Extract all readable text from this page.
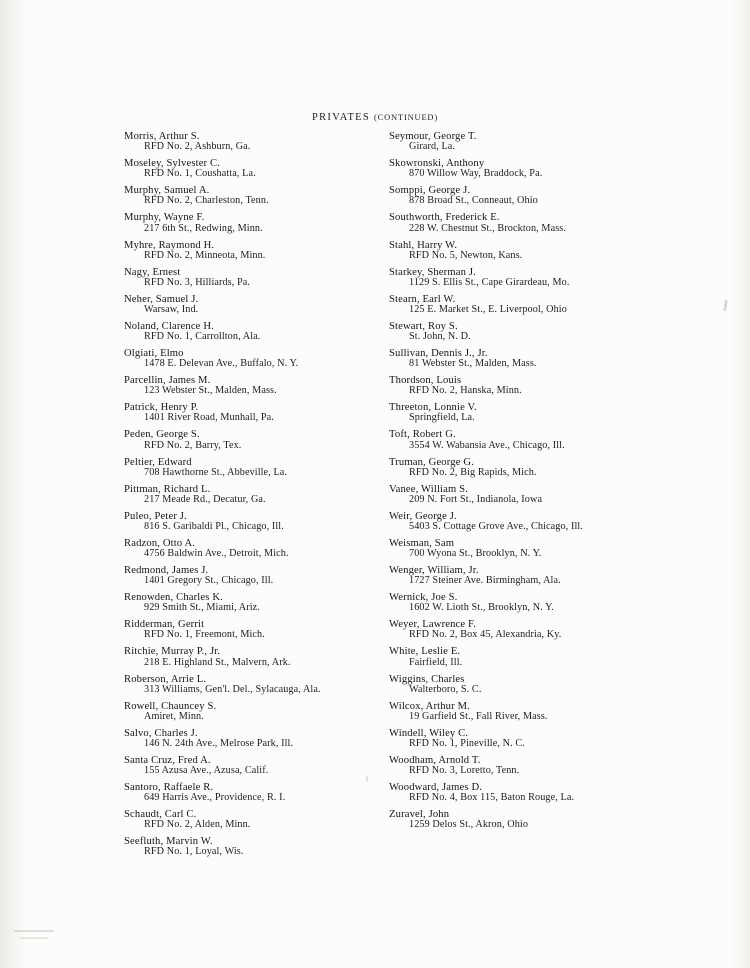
PRIVATES (CONTINUED)
Morris, Arthur S.
RFD No. 2, Ashburn, Ga.
Moseley, Sylvester C.
RFD No. 1, Coushatta, La.
Murphy, Samuel A.
RFD No. 2, Charleston, Tenn.
Murphy, Wayne F.
217 6th St., Redwing, Minn.
Myhre, Raymond H.
RFD No. 2, Minneota, Minn.
Nagy, Ernest
RFD No. 3, Hilliards, Pa.
Neher, Samuel J.
Warsaw, Ind.
Noland, Clarence H.
RFD No. 1, Carrollton, Ala.
Olgiati, Elmo
1478 E. Delevan Ave., Buffalo, N. Y.
Parcellin, James M.
123 Webster St., Malden, Mass.
Patrick, Henry P.
1401 River Road, Munhall, Pa.
Peden, George S.
RFD No. 2, Barry, Tex.
Peltier, Edward
708 Hawthorne St., Abbeville, La.
Pittman, Richard L.
217 Meade Rd., Decatur, Ga.
Puleo, Peter J.
816 S. Garibaldi Pl., Chicago, Ill.
Radzon, Otto A.
4756 Baldwin Ave., Detroit, Mich.
Redmond, James J.
1401 Gregory St., Chicago, Ill.
Renowden, Charles K.
929 Smith St., Miami, Ariz.
Ridderman, Gerrit
RFD No. 1, Freemont, Mich.
Ritchie, Murray P., Jr.
218 E. Highland St., Malvern, Ark.
Roberson, Arrie L.
313 Williams, Gen'l. Del., Sylacauga, Ala.
Rowell, Chauncey S.
Amiret, Minn.
Salvo, Charles J.
146 N. 24th Ave., Melrose Park, Ill.
Santa Cruz, Fred A.
155 Azusa Ave., Azusa, Calif.
Santoro, Raffaele R.
649 Harris Ave., Providence, R. I.
Schaudt, Carl C.
RFD No. 2, Alden, Minn.
Seefluth, Marvin W.
RFD No. 1, Loyal, Wis.
Seymour, George T.
Girard, La.
Skowronski, Anthony
870 Willow Way, Braddock, Pa.
Somppi, George J.
878 Broad St., Conneaut, Ohio
Southworth, Frederick E.
228 W. Chestnut St., Brockton, Mass.
Stahl, Harry W.
RFD No. 5, Newton, Kans.
Starkey, Sherman J.
1129 S. Ellis St., Cape Girardeau, Mo.
Stearn, Earl W.
125 E. Market St., E. Liverpool, Ohio
Stewart, Roy S.
St. John, N. D.
Sullivan, Dennis J., Jr.
81 Webster St., Malden, Mass.
Thordson, Louis
RFD No. 2, Hanska, Minn.
Threeton, Lonnie V.
Springfield, La.
Toft, Robert G.
3554 W. Wabansia Ave., Chicago, Ill.
Truman, George G.
RFD No. 2, Big Rapids, Mich.
Vanee, William S.
209 N. Fort St., Indianola, Iowa
Weir, George J.
5403 S. Cottage Grove Ave., Chicago, Ill.
Weisman, Sam
700 Wyona St., Brooklyn, N. Y.
Wenger, William, Jr.
1727 Steiner Ave. Birmingham, Ala.
Wernick, Joe S.
1602 W. Lioth St., Brooklyn, N. Y.
Weyer, Lawrence F.
RFD No. 2, Box 45, Alexandria, Ky.
White, Leslie E.
Fairfield, Ill.
Wiggins, Charles
Walterboro, S. C.
Wilcox, Arthur M.
19 Garfield St., Fall River, Mass.
Windell, Wiley C.
RFD No. 1, Pineville, N. C.
Woodham, Arnold T.
RFD No. 3, Loretto, Tenn.
Woodward, James D.
RFD No. 4, Box 115, Baton Rouge, La.
Zuravel, John
1259 Delos St., Akron, Ohio
